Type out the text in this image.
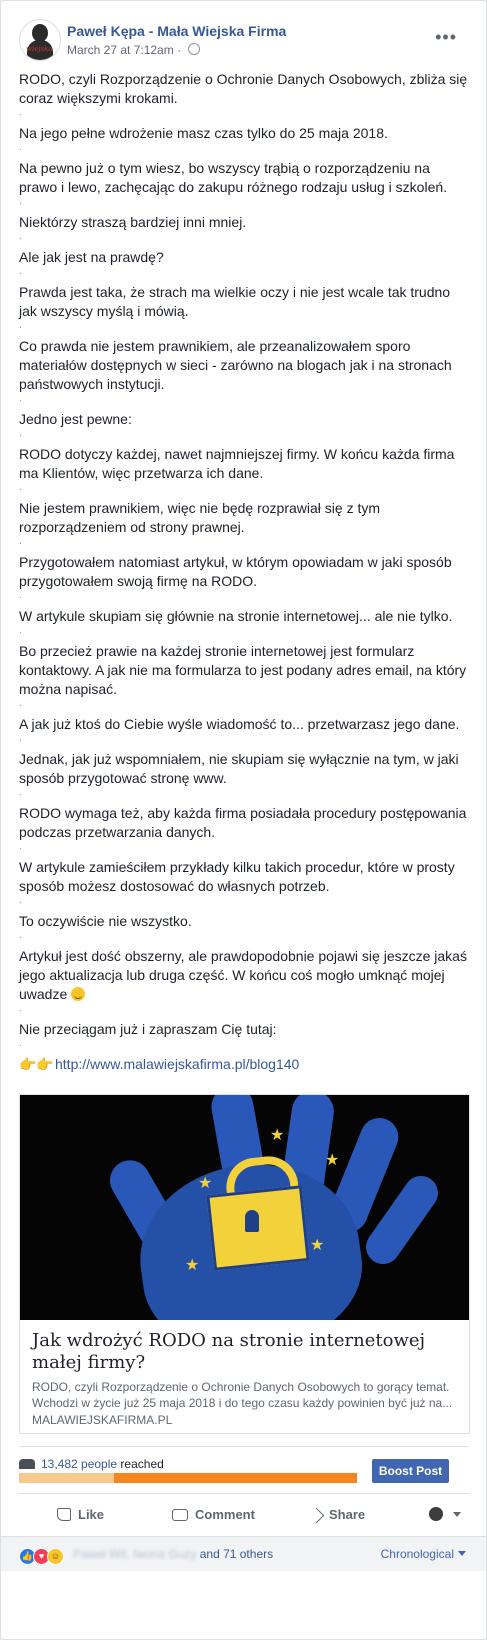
wiejska
Paweł Kępa - Mała Wiejska Firma
March 27 at 7:12am ·
•••

RODO, czyli Rozporządzenie o Ochronie Danych Osobowych, zbliża się coraz większymi krokami.

.

Na jego pełne wdrożenie masz czas tylko do 25 maja 2018.

.

Na pewno już o tym wiesz, bo wszyscy trąbią o rozporządzeniu na prawo i lewo, zachęcając do zakupu różnego rodzaju usług i szkoleń.

.

Niektórzy straszą bardziej inni mniej.

.

Ale jak jest na prawdę?

.

Prawda jest taka, że strach ma wielkie oczy i nie jest wcale tak trudno jak wszyscy myślą i mówią.

.

Co prawda nie jestem prawnikiem, ale przeanalizowałem sporo materiałów dostępnych w sieci - zarówno na blogach jak i na stronach państwowych instytucji.

.

Jedno jest pewne:

.

RODO dotyczy każdej, nawet najmniejszej firmy. W końcu każda firma ma Klientów, więc przetwarza ich dane.

.

Nie jestem prawnikiem, więc nie będę rozprawiał się z tym rozporządzeniem od strony prawnej.

.

Przygotowałem natomiast artykuł, w którym opowiadam w jaki sposób przygotowałem swoją firmę na RODO.

.

W artykule skupiam się głównie na stronie internetowej... ale nie tylko.

.

Bo przecież prawie na każdej stronie internetowej jest formularz kontaktowy. A jak nie ma formularza to jest podany adres email, na który można napisać.

.

A jak już ktoś do Ciebie wyśle wiadomość to... przetwarzasz jego dane.

.

Jednak, jak już wspomniałem, nie skupiam się wyłącznie na tym, w jaki sposób przygotować stronę www.

.

RODO wymaga też, aby każda firma posiadała procedury postępowania podczas przetwarzania danych.

.

W artykule zamieściłem przykłady kilku takich procedur, które w prosty sposób możesz dostosować do własnych potrzeb.

.

To oczywiście nie wszystko.

.

Artykuł jest dość obszerny, ale prawdopodobnie pojawi się jeszcze jakaś jego aktualizacja lub druga część. W końcu coś mogło umknąć mojej uwadze

.

Nie przeciągam już i zapraszam Cię tutaj:

.

👉👉http://www.malawiejskafirma.pl/blog140

★
★
★
★
★
Jak wdrożyć RODO na stronie internetowej małej firmy?
RODO, czyli Rozporządzenie o Ochronie Danych Osobowych to gorący temat. Wchodzi w życie już 25 maja 2018 i do tego czasu każdy powinien być już na...
MALAWIEJSKAFIRMA.PL
13,482 people reached	Boost Post
Like	Comment	Share
👍 ♥ ☺ Paweł Wit, Iwona Guzy and 71 others	Chronological
